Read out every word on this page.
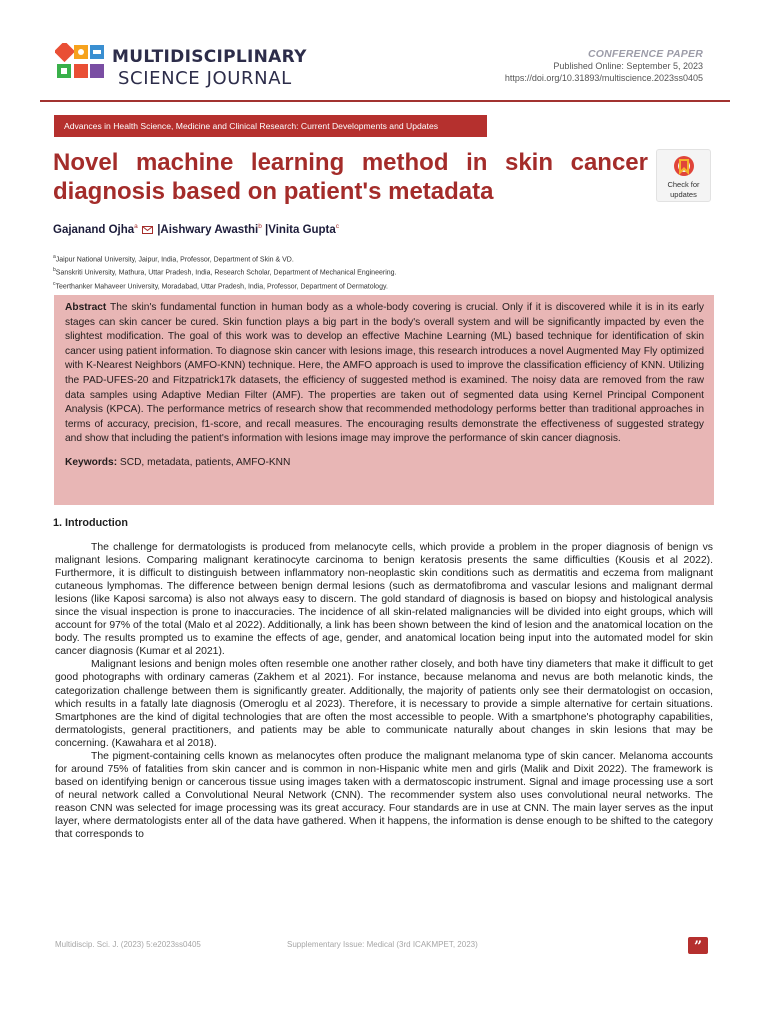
MULTIDISCIPLINARY
SCIENCE JOURNAL
CONFERENCE PAPER
Published Online: September 5, 2023
https://doi.org/10.31893/multiscience.2023ss0405
Advances in Health Science, Medicine and Clinical Research: Current Developments and Updates
Novel machine learning method in skin cancer diagnosis based on patient's metadata	Check for
updates
Gajanand Ojha$^a$ |Aishwary Awasthi$^b$ |Vinita Gupta$^c$
$^a$Jaipur National University, Jaipur, India, Professor, Department of Skin & VD.
$^b$Sanskriti University, Mathura, Uttar Pradesh, India, Research Scholar, Department of Mechanical Engineering.
$^c$Teerthanker Mahaveer University, Moradabad, Uttar Pradesh, India, Professor, Department of Dermatology.
Abstract The skin's fundamental function in human body as a whole-body covering is crucial. Only if it is discovered while it is in its early stages can skin cancer be cured. Skin function plays a big part in the body's overall system and will be significantly impacted by even the slightest modification. The goal of this work was to develop an effective Machine Learning (ML) based technique for identification of skin cancer using patient information. To diagnose skin cancer with lesions image, this research introduces a novel Augmented May Fly optimized with K-Nearest Neighbors (AMFO-KNN) technique. Here, the AMFO approach is used to improve the classification efficiency of KNN. Utilizing the PAD-UFES-20 and Fitzpatrick17k datasets, the efficiency of suggested method is examined. The noisy data are removed from the raw data samples using Adaptive Median Filter (AMF). The properties are taken out of segmented data using Kernel Principal Component Analysis (KPCA). The performance metrics of research show that recommended methodology performs better than traditional approaches in terms of accuracy, precision, f1-score, and recall measures. The encouraging results demonstrate the effectiveness of suggested strategy and show that including the patient's information with lesions image may improve the performance of skin cancer diagnosis.
Keywords: SCD, metadata, patients, AMFO-KNN
1. Introduction

The challenge for dermatologists is produced from melanocyte cells, which provide a problem in the proper diagnosis of benign vs malignant lesions. Comparing malignant keratinocyte carcinoma to benign keratosis presents the same difficulties (Kousis et al 2022). Furthermore, it is difficult to distinguish between inflammatory non-neoplastic skin conditions such as dermatitis and eczema from malignant cutaneous lymphomas. The difference between benign dermal lesions (such as dermatofibroma and vascular lesions and malignant dermal lesions (like Kaposi sarcoma) is also not always easy to discern. The gold standard of diagnosis is based on biopsy and histological analysis since the visual inspection is prone to inaccuracies. The incidence of all skin-related malignancies will be divided into eight groups, which will account for 97% of the total (Malo et al 2022). Additionally, a link has been shown between the kind of lesion and the anatomical location on the body. The results prompted us to examine the effects of age, gender, and anatomical location being input into the automated model for skin cancer diagnosis (Kumar et al 2021).

Malignant lesions and benign moles often resemble one another rather closely, and both have tiny diameters that make it difficult to get good photographs with ordinary cameras (Zakhem et al 2021). For instance, because melanoma and nevus are both melanotic kinds, the categorization challenge between them is significantly greater. Additionally, the majority of patients only see their dermatologist on occasion, which results in a fatally late diagnosis (Omeroglu et al 2023). Therefore, it is necessary to provide a simple alternative for certain situations. Smartphones are the kind of digital technologies that are often the most accessible to people. With a smartphone's photography capabilities, dermatologists, general practitioners, and patients may be able to communicate naturally about changes in skin lesions that may be concerning. (Kawahara et al 2018).

The pigment-containing cells known as melanocytes often produce the malignant melanoma type of skin cancer. Melanoma accounts for around 75% of fatalities from skin cancer and is common in non-Hispanic white men and girls (Malik and Dixit 2022). The framework is based on identifying benign or cancerous tissue using images taken with a dermatoscopic instrument. Signal and image processing use a sort of neural network called a Convolutional Neural Network (CNN). The recommender system also uses convolutional neural networks. The reason CNN was selected for image processing was its great accuracy. Four standards are in use at CNN. The main layer serves as the input layer, where dermatologists enter all of the data have gathered. When it happens, the information is dense enough to be shifted to the category that corresponds to

Multidiscip. Sci. J. (2023) 5:e2023ss0405	Supplementary Issue: Medical (3rd ICAKMPET, 2023)	”
